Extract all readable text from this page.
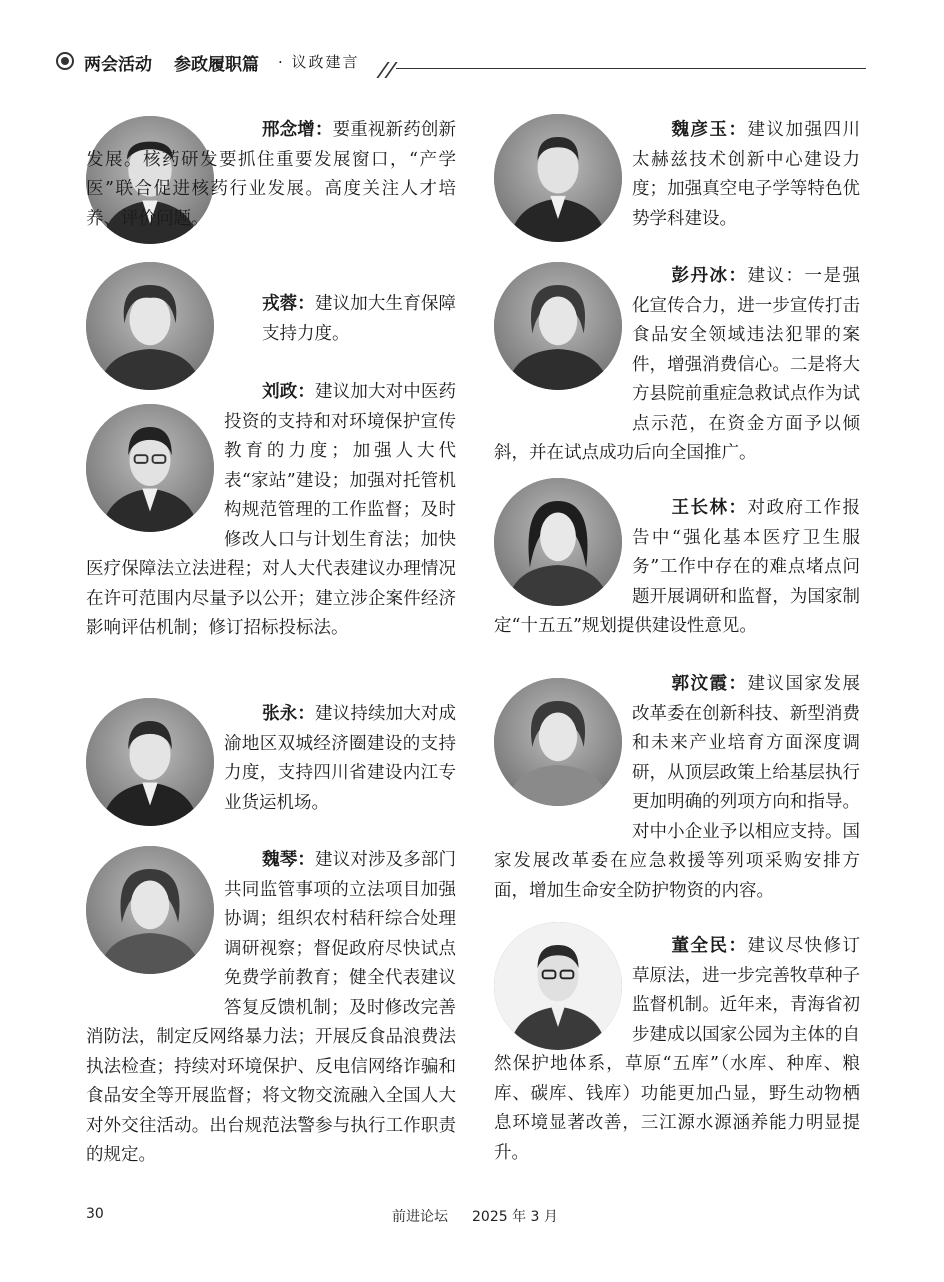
两会活动 参政履职篇 · 议政建言
邢念增：要重视新药创新发展。核药研发要抓住重要发展窗口，“产学医”联合促进核药行业发展。高度关注人才培养、评价问题。
戎蓉：建议加大生育保障支持力度。
刘政：建议加大对中医药投资的支持和对环境保护宣传教育的力度；加强人大代表“家站”建设；加强对托管机构规范管理的工作监督；及时修改人口与计划生育法；加快医疗保障法立法进程；对人大代表建议办理情况在许可范围内尽量予以公开；建立涉企案件经济影响评估机制；修订招标投标法。
张永：建议持续加大对成渝地区双城经济圈建设的支持力度，支持四川省建设内江专业货运机场。
魏琴：建议对涉及多部门共同监管事项的立法项目加强协调；组织农村秸秆综合处理调研视察；督促政府尽快试点免费学前教育；健全代表建议答复反馈机制；及时修改完善消防法，制定反网络暴力法；开展反食品浪费法执法检查；持续对环境保护、反电信网络诈骗和食品安全等开展监督；将文物交流融入全国人大对外交往活动。出台规范法警参与执行工作职责的规定。
魏彦玉：建议加强四川太赫兹技术创新中心建设力度；加强真空电子学等特色优势学科建设。
彭丹冰：建议：一是强化宣传合力，进一步宣传打击食品安全领域违法犯罪的案件，增强消费信心。二是将大方县院前重症急救试点作为试点示范，在资金方面予以倾斜，并在试点成功后向全国推广。
王长林：对政府工作报告中“强化基本医疗卫生服务”工作中存在的难点堵点问题开展调研和监督，为国家制定“十五五”规划提供建设性意见。
郭汶霞：建议国家发展改革委在创新科技、新型消费和未来产业培育方面深度调研，从顶层政策上给基层执行更加明确的列项方向和指导。对中小企业予以相应支持。国家发展改革委在应急救援等列项采购安排方面，增加生命安全防护物资的内容。
董全民：建议尽快修订草原法，进一步完善牧草种子监督机制。近年来，青海省初步建成以国家公园为主体的自然保护地体系，草原“五库”（水库、种库、粮库、碳库、钱库）功能更加凸显，野生动物栖息环境显著改善，三江源水源涵养能力明显提升。
30	前进论坛 2025 年 3 月
